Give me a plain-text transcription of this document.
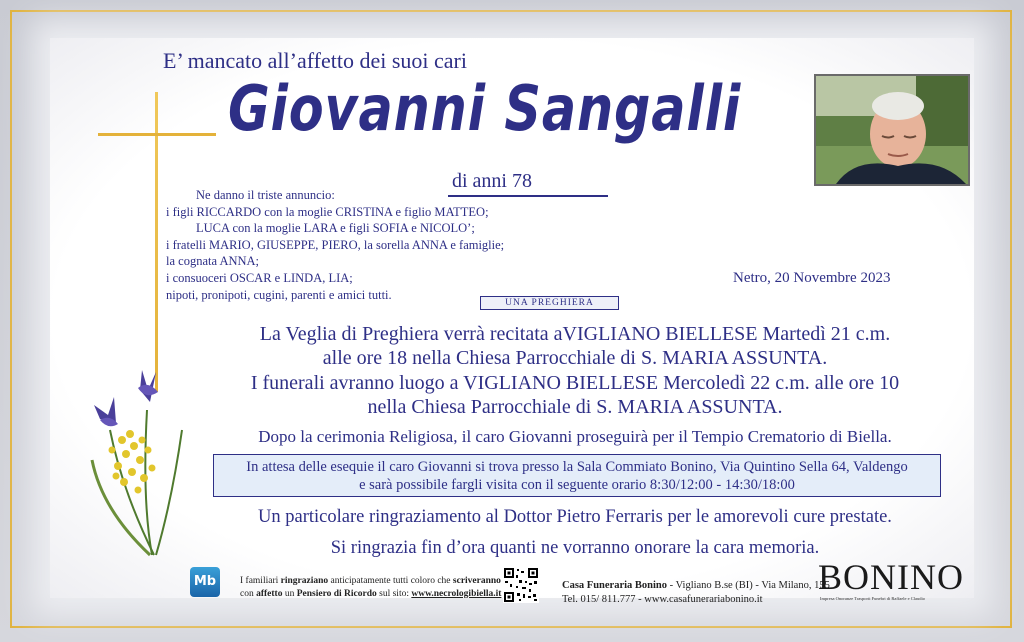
E’ mancato all’affetto dei suoi cari
Giovanni Sangalli
di anni 78
Ne danno il triste annuncio:
i figli RICCARDO con la moglie CRISTINA e figlio MATTEO;
LUCA con la moglie LARA e figli SOFIA e NICOLO’;
i fratelli MARIO, GIUSEPPE, PIERO, la sorella ANNA e famiglie;
la cognata ANNA;
i consuoceri OSCAR e LINDA, LIA;
nipoti, pronipoti, cugini, parenti e amici tutti.
Netro, 20 Novembre 2023
UNA PREGHIERA
La Veglia di Preghiera verrà recitata aVIGLIANO BIELLESE Martedì 21 c.m.
alle ore 18 nella Chiesa Parrocchiale di S. MARIA ASSUNTA.
I funerali avranno luogo a VIGLIANO BIELLESE Mercoledì 22 c.m. alle ore 10
nella Chiesa Parrocchiale di S. MARIA ASSUNTA.
Dopo la cerimonia Religiosa, il caro Giovanni proseguirà per il Tempio Crematorio di Biella.
In attesa delle esequie il caro Giovanni si trova presso la Sala Commiato Bonino, Via Quintino Sella 64, Valdengo
e sarà possibile fargli visita con il seguente orario 8:30/12:00 - 14:30/18:00
Un particolare ringraziamento al Dottor Pietro Ferraris per le amorevoli cure prestate.
Si ringrazia fin d’ora quanti ne vorranno onorare la cara memoria.
Mb	I familiari ringraziano anticipatamente tutti coloro che scriveranno
con affetto un Pensiero di Ricordo sul sito: www.necrologibiella.it
Casa Funeraria Bonino - Vigliano B.se (BI) - Via Milano, 155
Tel. 015/ 811.777 - www.casafunerariabonino.it
BONINO
Impresa Onoranze Trasporti Funebri di Raffaele e Claudio
